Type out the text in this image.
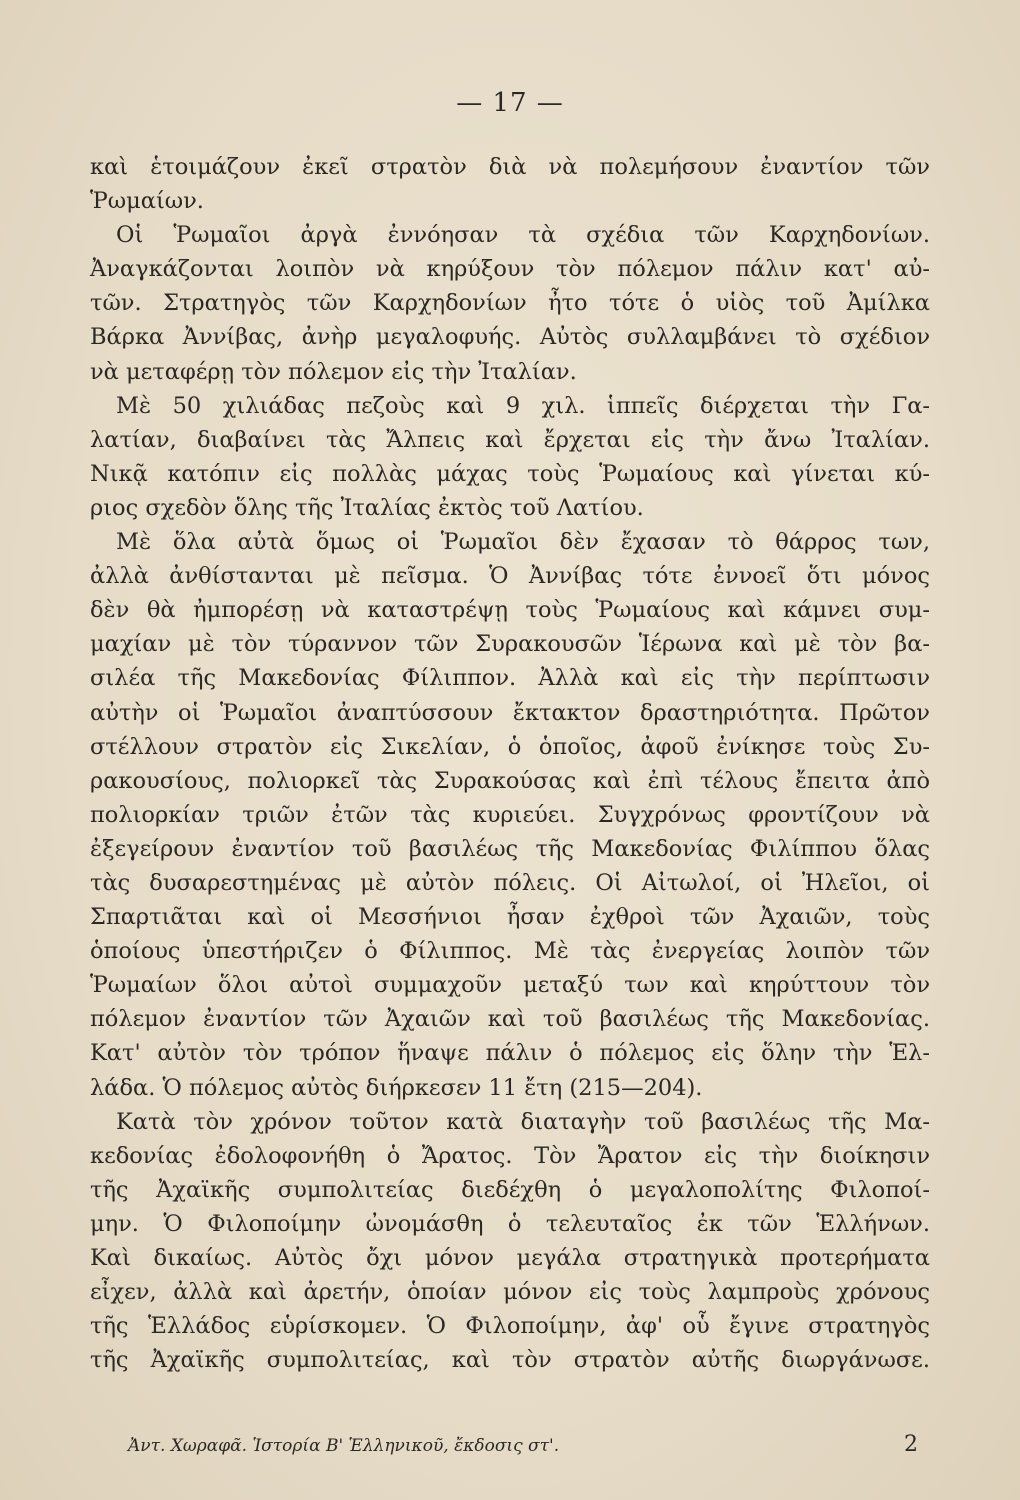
— 17 —
καὶ ἑτοιμάζουν ἐκεῖ στρατὸν διὰ νὰ πολεμήσουν ἐναντίον τῶν
Ῥωμαίων.
Οἱ Ῥωμαῖοι ἀργὰ ἐννόησαν τὰ σχέδια τῶν Καρχηδονίων.
Ἀναγκάζονται λοιπὸν νὰ κηρύξουν τὸν πόλεμον πάλιν κατ' αὐ-
τῶν. Στρατηγὸς τῶν Καρχηδονίων ἦτο τότε ὁ υἱὸς τοῦ Ἀμίλκα
Βάρκα Ἀννίβας, ἀνὴρ μεγαλοφυής. Αὐτὸς συλλαμβάνει τὸ σχέδιον
νὰ μεταφέρῃ τὸν πόλεμον εἰς τὴν Ἰταλίαν.
Μὲ 50 χιλιάδας πεζοὺς καὶ 9 χιλ. ἱππεῖς διέρχεται τὴν Γα-
λατίαν, διαβαίνει τὰς Ἄλπεις καὶ ἔρχεται εἰς τὴν ἄνω Ἰταλίαν.
Νικᾷ κατόπιν εἰς πολλὰς μάχας τοὺς Ῥωμαίους καὶ γίνεται κύ-
ριος σχεδὸν ὅλης τῆς Ἰταλίας ἐκτὸς τοῦ Λατίου.
Μὲ ὅλα αὐτὰ ὅμως οἱ Ῥωμαῖοι δὲν ἔχασαν τὸ θάρρος των,
ἀλλὰ ἀνθίστανται μὲ πεῖσμα. Ὁ Ἀννίβας τότε ἐννοεῖ ὅτι μόνος
δὲν θὰ ἠμπορέσῃ νὰ καταστρέψῃ τοὺς Ῥωμαίους καὶ κάμνει συμ-
μαχίαν μὲ τὸν τύραννον τῶν Συρακουσῶν Ἱέρωνα καὶ μὲ τὸν βα-
σιλέα τῆς Μακεδονίας Φίλιππον. Ἀλλὰ καὶ εἰς τὴν περίπτωσιν
αὐτὴν οἱ Ῥωμαῖοι ἀναπτύσσουν ἔκτακτον δραστηριότητα. Πρῶτον
στέλλουν στρατὸν εἰς Σικελίαν, ὁ ὁποῖος, ἀφοῦ ἐνίκησε τοὺς Συ-
ρακουσίους, πολιορκεῖ τὰς Συρακούσας καὶ ἐπὶ τέλους ἔπειτα ἀπὸ
πολιορκίαν τριῶν ἐτῶν τὰς κυριεύει. Συγχρόνως φροντίζουν νὰ
ἐξεγείρουν ἐναντίον τοῦ βασιλέως τῆς Μακεδονίας Φιλίππου ὅλας
τὰς δυσαρεστημένας μὲ αὐτὸν πόλεις. Οἱ Αἰτωλοί, οἱ Ἠλεῖοι, οἱ
Σπαρτιᾶται καὶ οἱ Μεσσήνιοι ἦσαν ἐχθροὶ τῶν Ἀχαιῶν, τοὺς
ὁποίους ὑπεστήριζεν ὁ Φίλιππος. Μὲ τὰς ἐνεργείας λοιπὸν τῶν
Ῥωμαίων ὅλοι αὐτοὶ συμμαχοῦν μεταξύ των καὶ κηρύττουν τὸν
πόλεμον ἐναντίον τῶν Ἀχαιῶν καὶ τοῦ βασιλέως τῆς Μακεδονίας.
Κατ' αὐτὸν τὸν τρόπον ἥναψε πάλιν ὁ πόλεμος εἰς ὅλην τὴν Ἑλ-
λάδα. Ὁ πόλεμος αὐτὸς διήρκεσεν 11 ἔτη (215—204).
Κατὰ τὸν χρόνον τοῦτον κατὰ διαταγὴν τοῦ βασιλέως τῆς Μα-
κεδονίας ἐδολοφονήθη ὁ Ἄρατος. Τὸν Ἄρατον εἰς τὴν διοίκησιν
τῆς Ἀχαϊκῆς συμπολιτείας διεδέχθη ὁ μεγαλοπολίτης Φιλοποί-
μην. Ὁ Φιλοποίμην ὠνομάσθη ὁ τελευταῖος ἐκ τῶν Ἑλλήνων.
Καὶ δικαίως. Αὐτὸς ὄχι μόνον μεγάλα στρατηγικὰ προτερήματα
εἶχεν, ἀλλὰ καὶ ἀρετήν, ὁποίαν μόνον εἰς τοὺς λαμπροὺς χρόνους
τῆς Ἑλλάδος εὑρίσκομεν. Ὁ Φιλοποίμην, ἀφ' οὗ ἔγινε στρατηγὸς
τῆς Ἀχαϊκῆς συμπολιτείας, καὶ τὸν στρατὸν αὐτῆς διωργάνωσε.
Ἀντ. Χωραφᾶ. Ἱστορία Β' Ἑλληνικοῦ, ἔκδοσις στ'.	2
